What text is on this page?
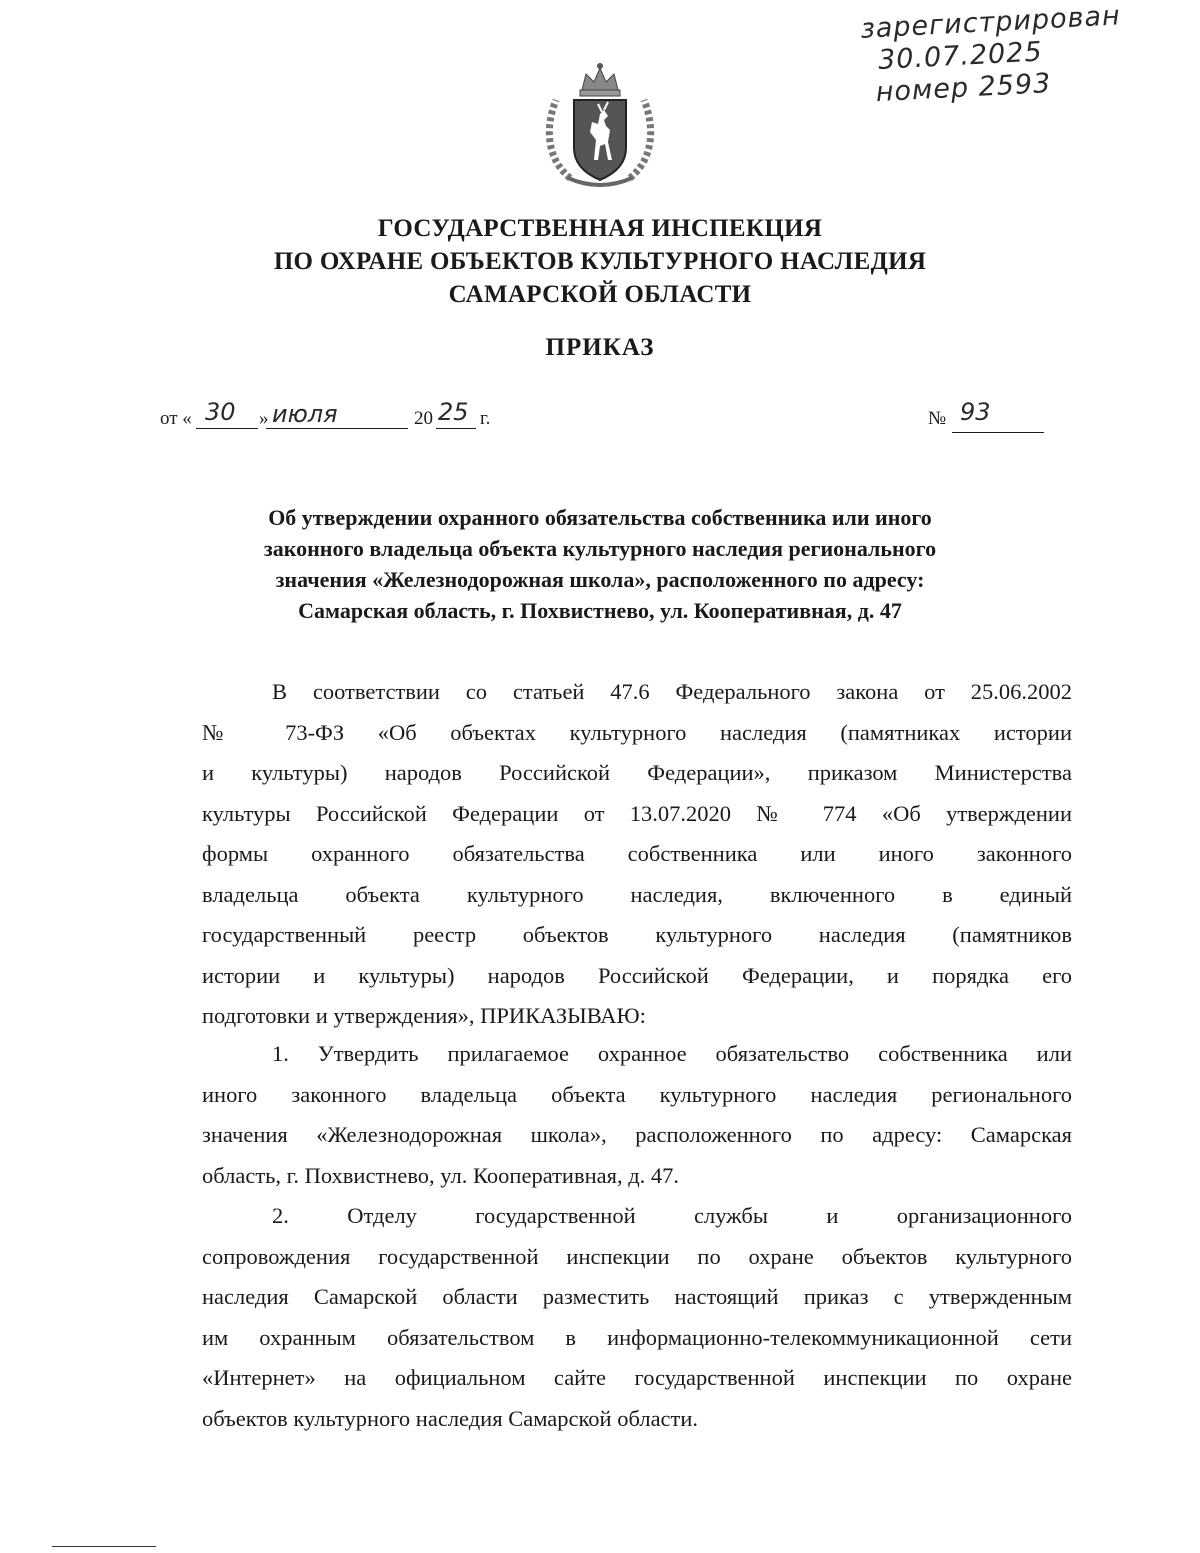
зарегистрирован
30.07.2025
номер 2593
ГОСУДАРСТВЕННАЯ ИНСПЕКЦИЯ
ПО ОХРАНЕ ОБЪЕКТОВ КУЛЬТУРНОГО НАСЛЕДИЯ
САМАРСКОЙ ОБЛАСТИ
ПРИКАЗ
от « 30 » июля	20 25 г.	№ 93
Об утверждении охранного обязательства собственника или иного
законного владельца объекта культурного наследия регионального
значения «Железнодорожная школа», расположенного по адресу:
Самарская область, г. Похвистнево, ул. Кооперативная, д. 47
В соответствии со статьей 47.6 Федерального закона от 25.06.2002
№ 73-ФЗ «Об объектах культурного наследия (памятниках истории
и культуры) народов Российской Федерации», приказом Министерства
культуры Российской Федерации от 13.07.2020 № 774 «Об утверждении
формы охранного обязательства собственника или иного законного
владельца объекта культурного наследия, включенного в единый
государственный реестр объектов культурного наследия (памятников
истории и культуры) народов Российской Федерации, и порядка его
подготовки и утверждения», ПРИКАЗЫВАЮ:
1. Утвердить прилагаемое охранное обязательство собственника или
иного законного владельца объекта культурного наследия регионального
значения «Железнодорожная школа», расположенного по адресу: Самарская
область, г. Похвистнево, ул. Кооперативная, д. 47.
2. Отделу государственной службы и организационного
сопровождения государственной инспекции по охране объектов культурного
наследия Самарской области разместить настоящий приказ с утвержденным
им охранным обязательством в информационно-телекоммуникационной сети
«Интернет» на официальном сайте государственной инспекции по охране
объектов культурного наследия Самарской области.
